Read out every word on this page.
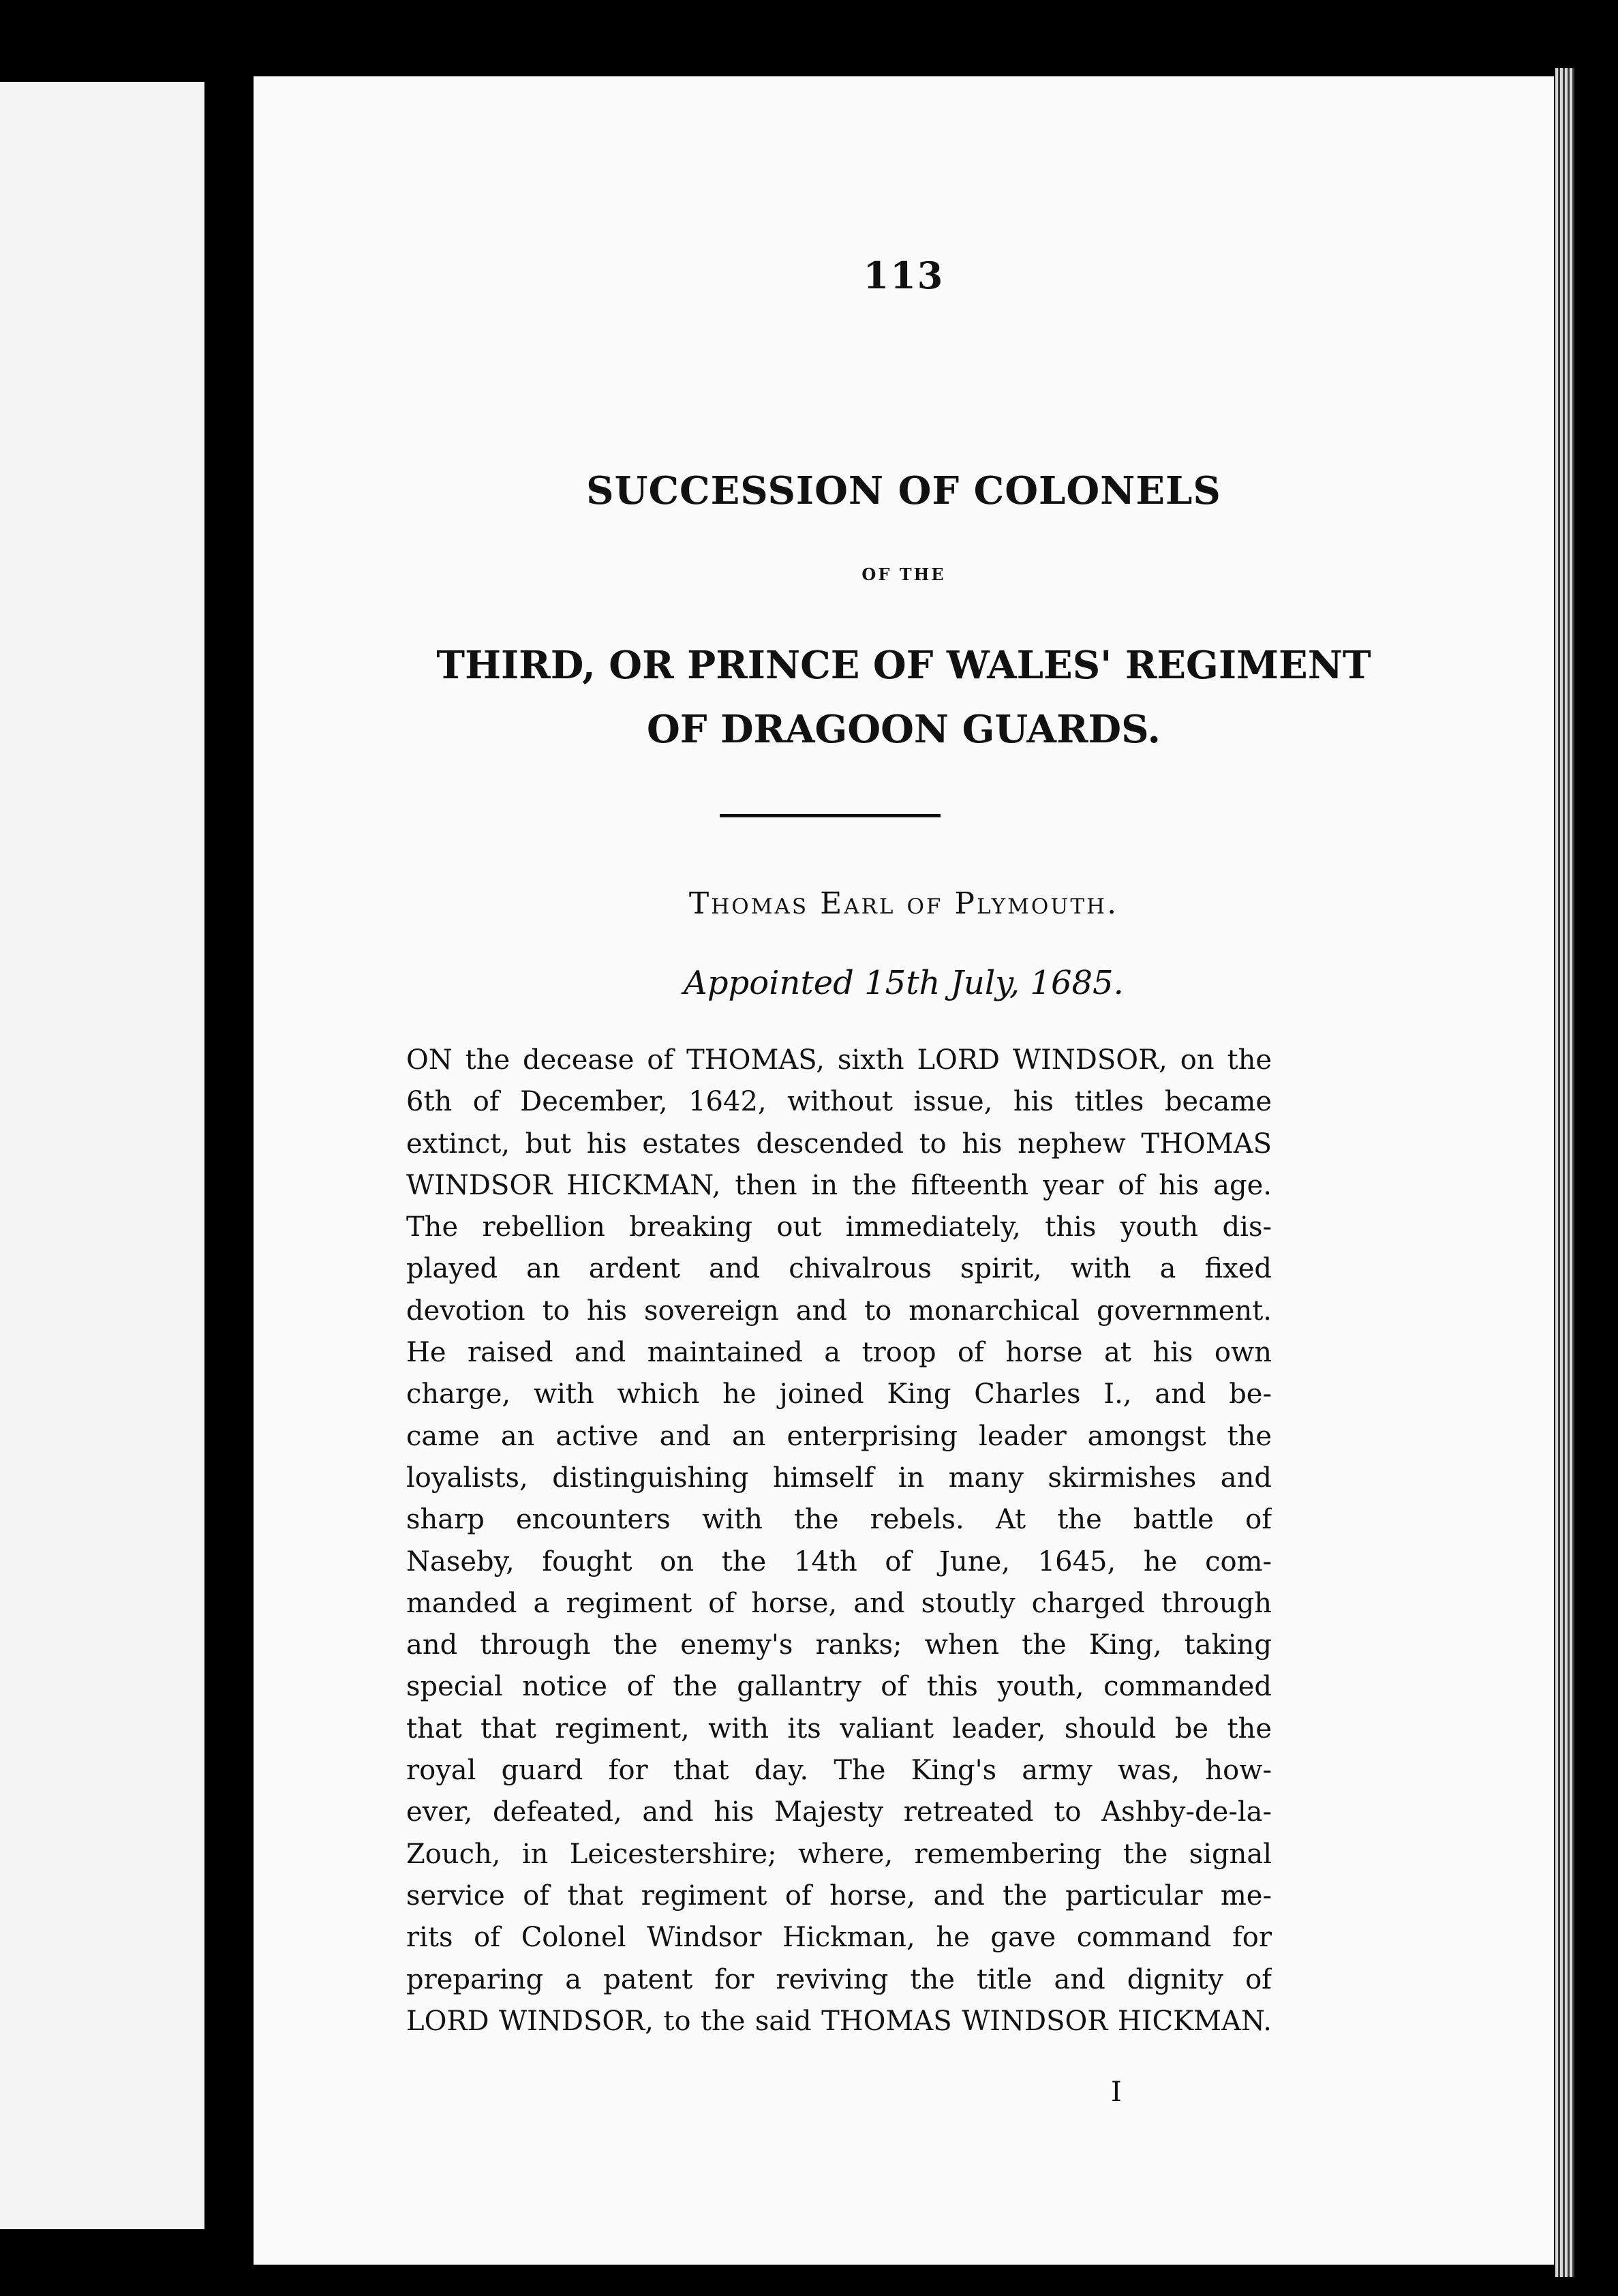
113
SUCCESSION OF COLONELS
OF THE
THIRD, OR PRINCE OF WALES' REGIMENT
OF DRAGOON GUARDS.
Thomas Earl of Plymouth.
Appointed 15th July, 1685.
ON the decease of THOMAS, sixth LORD WINDSOR, on the
6th of December, 1642, without issue, his titles became
extinct, but his estates descended to his nephew THOMAS
WINDSOR HICKMAN, then in the fifteenth year of his age.
The rebellion breaking out immediately, this youth dis-
played an ardent and chivalrous spirit, with a fixed
devotion to his sovereign and to monarchical government.
He raised and maintained a troop of horse at his own
charge, with which he joined King Charles I., and be-
came an active and an enterprising leader amongst the
loyalists, distinguishing himself in many skirmishes and
sharp encounters with the rebels. At the battle of
Naseby, fought on the 14th of June, 1645, he com-
manded a regiment of horse, and stoutly charged through
and through the enemy's ranks; when the King, taking
special notice of the gallantry of this youth, commanded
that that regiment, with its valiant leader, should be the
royal guard for that day. The King's army was, how-
ever, defeated, and his Majesty retreated to Ashby-de-la-
Zouch, in Leicestershire; where, remembering the signal
service of that regiment of horse, and the particular me-
rits of Colonel Windsor Hickman, he gave command for
preparing a patent for reviving the title and dignity of
LORD WINDSOR, to the said THOMAS WINDSOR HICKMAN.
I
